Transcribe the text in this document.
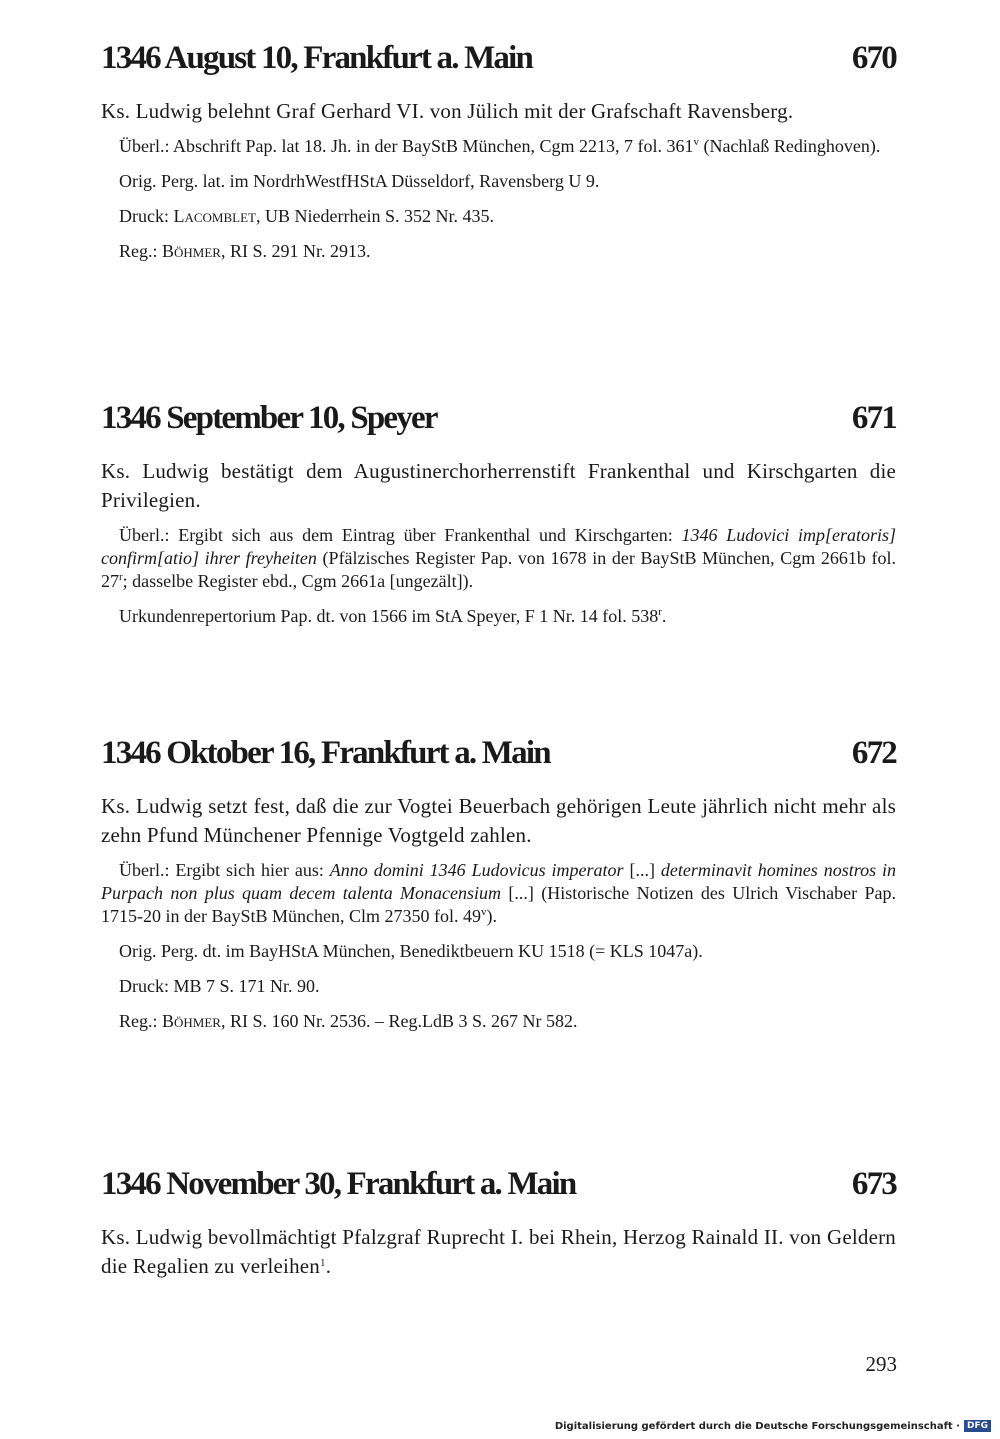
1346 August 10, Frankfurt a. Main	670
Ks. Ludwig belehnt Graf Gerhard VI. von Jülich mit der Grafschaft Ravensberg.
Überl.: Abschrift Pap. lat 18. Jh. in der BayStB München, Cgm 2213, 7 fol. 361$^v$ (Nachlaß Redinghoven).
Orig. Perg. lat. im NordrhWestfHStA Düsseldorf, Ravensberg U 9.
Druck: Lacomblet, UB Niederrhein S. 352 Nr. 435.
Reg.: Böhmer, RI S. 291 Nr. 2913.
1346 September 10, Speyer	671
Ks. Ludwig bestätigt dem Augustinerchorherrenstift Frankenthal und Kirschgarten die Privilegien.
Überl.: Ergibt sich aus dem Eintrag über Frankenthal und Kirschgarten: 1346 Ludovici imp[eratoris] confirm[atio] ihrer freyheiten (Pfälzisches Register Pap. von 1678 in der BayStB München, Cgm 2661b fol. 27$^r$; dasselbe Register ebd., Cgm 2661a [ungezält]).
Urkundenrepertorium Pap. dt. von 1566 im StA Speyer, F 1 Nr. 14 fol. 538$^r$.
1346 Oktober 16, Frankfurt a. Main	672
Ks. Ludwig setzt fest, daß die zur Vogtei Beuerbach gehörigen Leute jährlich nicht mehr als zehn Pfund Münchener Pfennige Vogtgeld zahlen.
Überl.: Ergibt sich hier aus: Anno domini 1346 Ludovicus imperator [...] determinavit homines nostros in Purpach non plus quam decem talenta Monacensium [...] (Historische Notizen des Ulrich Vischaber Pap. 1715-20 in der BayStB München, Clm 27350 fol. 49$^v$).
Orig. Perg. dt. im BayHStA München, Benediktbeuern KU 1518 (= KLS 1047a).
Druck: MB 7 S. 171 Nr. 90.
Reg.: Böhmer, RI S. 160 Nr. 2536. – Reg.LdB 3 S. 267 Nr 582.
1346 November 30, Frankfurt a. Main	673
Ks. Ludwig bevollmächtigt Pfalzgraf Ruprecht I. bei Rhein, Herzog Rainald II. von Geldern die Regalien zu verleihen$^1$.
293
Digitalisierung gefördert durch die Deutsche Forschungsgemeinschaft · DFG
